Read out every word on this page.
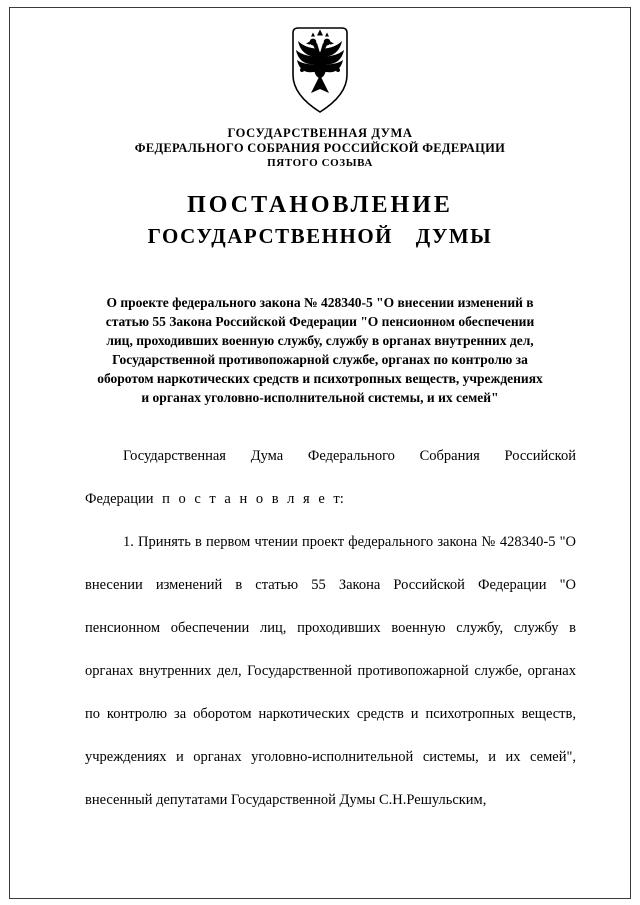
ГОСУДАРСТВЕННАЯ ДУМА
ФЕДЕРАЛЬНОГО СОБРАНИЯ РОССИЙСКОЙ ФЕДЕРАЦИИ
ПЯТОГО СОЗЫВА
ПОСТАНОВЛЕНИЕ
ГОСУДАРСТВЕННОЙ ДУМЫ
О проекте федерального закона № 428340-5 "О внесении изменений в статью 55 Закона Российской Федерации "О пенсионном обеспечении лиц, проходивших военную службу, службу в органах внутренних дел, Государственной противопожарной службе, органах по контролю за оборотом наркотических средств и психотропных веществ, учреждениях и органах уголовно-исполнительной системы, и их семей"

Государственная Дума Федерального Собрания Российской Федерации п о с т а н о в л я е т:

1. Принять в первом чтении проект федерального закона № 428340-5 "О внесении изменений в статью 55 Закона Российской Федерации "О пенсионном обеспечении лиц, проходивших военную службу, службу в органах внутренних дел, Государственной противопожарной службе, органах по контролю за оборотом наркотических средств и психотропных веществ, учреждениях и органах уголовно-исполнительной системы, и их семей", внесенный депутатами Государственной Думы С.Н.Решульским,
